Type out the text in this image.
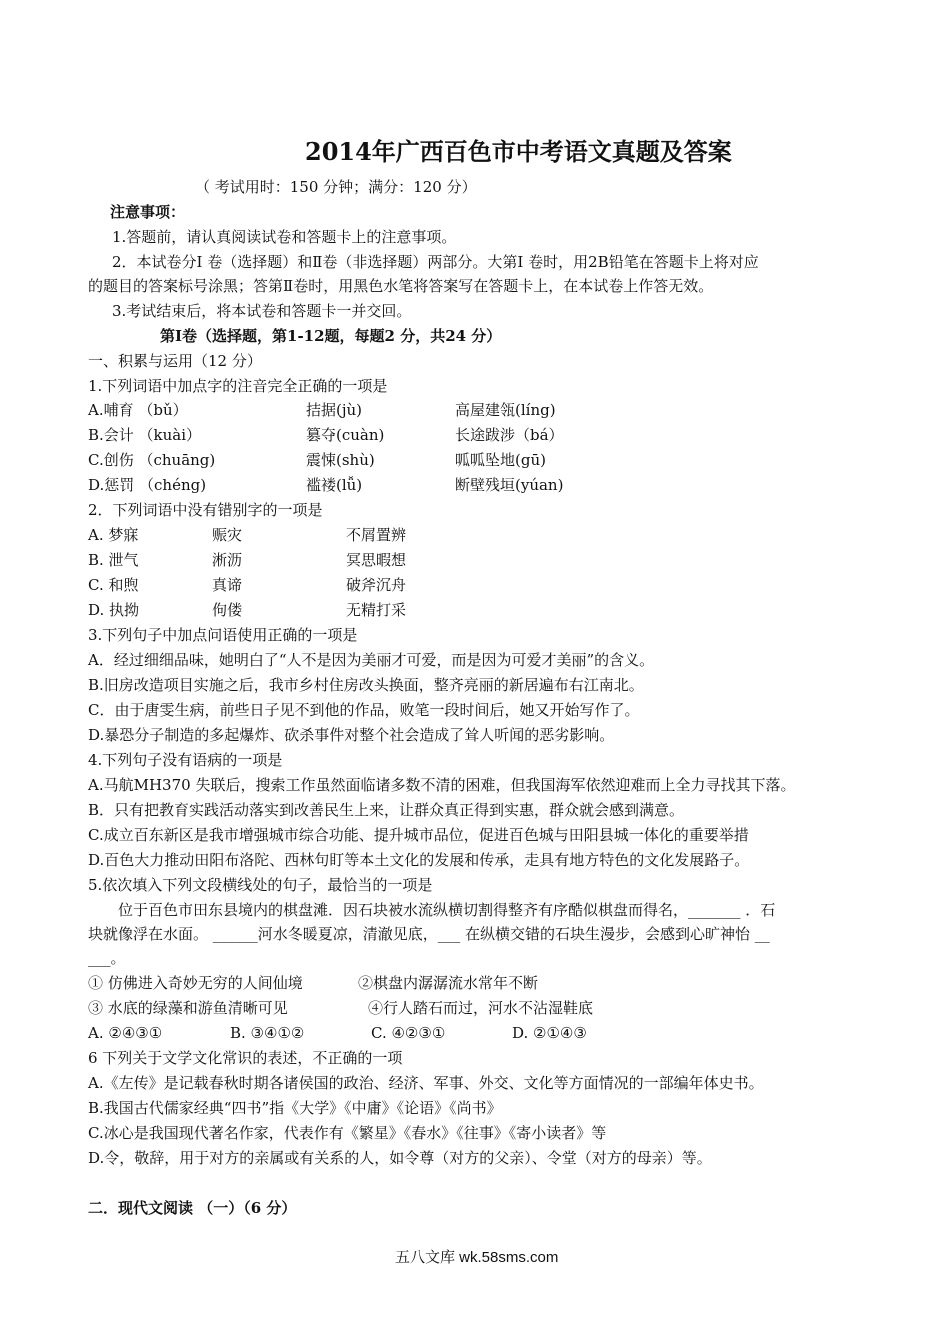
2014年广西百色市中考语文真题及答案
（ 考试用时：150 分钟；满分：120 分）
注意事项：
1.答题前，请认真阅读试卷和答题卡上的注意事项。
2．本试卷分Ⅰ 卷（选择题）和Ⅱ卷（非选择题）两部分。大第Ⅰ 卷时，用2B铅笔在答题卡上将对应
的题目的答案标号涂黑；答第Ⅱ卷时，用黑色水笔将答案写在答题卡上，在本试卷上作答无效。
3.考试结束后，将本试卷和答题卡一并交回。
第Ⅰ卷（选择题，第1-12题，每题2 分，共24 分）
一、积累与运用（12 分）
1.下列词语中加点字的注音完全正确的一项是
A.哺育 （bǔ）	拮据(jù)	高屋建瓴(líng)
B.会计 （kuài）	篡夺(cuàn)	长途跋涉（bá）
C.创伤 （chuāng)	震悚(shù)	呱呱坠地(gū)
D.惩罚 （chéng)	褴褛(lǚ)	断壁残垣(yúan)
2．下列词语中没有错别字的一项是
A. 梦寐	赈灾	不屑置辨
B. 泄气	淅沥	冥思暇想
C. 和煦	真谛	破斧沉舟
D. 执拗	佝偻	无精打采
3.下列句子中加点问语使用正确的一项是
A．经过细细品味，她明白了“人不是因为美丽才可爱，而是因为可爱才美丽”的含义。
B.旧房改造项目实施之后，我市乡村住房改头换面，整齐亮丽的新居遍布右江南北。
C．由于唐雯生病，前些日子见不到他的作品，败笔一段时间后，她又开始写作了。
D.暴恐分子制造的多起爆炸、砍杀事件对整个社会造成了耸人听闻的恶劣影响。
4.下列句子没有语病的一项是
A.马航MH370 失联后，搜索工作虽然面临诸多数不清的困难，但我国海军依然迎难而上全力寻找其下落。
B．只有把教育实践活动落实到改善民生上来，让群众真正得到实惠，群众就会感到满意。
C.成立百东新区是我市增强城市综合功能、提升城市品位，促进百色城与田阳县城一体化的重要举措
D.百色大力推动田阳布洛陀、西林句盯等本土文化的发展和传承，走具有地方特色的文化发展路子。
5.依次填入下列文段横线处的句子，最恰当的一项是
位于百色市田东县境内的棋盘滩．因石块被水流纵横切割得整齐有序酷似棋盘而得名，_______ ．石
块就像浮在水面。 ______河水冬暖夏凉，清澈见底，___ 在纵横交错的石块生漫步，会感到心旷神怡 __
___。
① 仿佛进入奇妙无穷的人间仙境	②棋盘内潺潺流水常年不断
③ 水底的绿藻和游鱼清晰可见	④行人踏石而过，河水不沾湿鞋底
A. ②④③①	B. ③④①②	C. ④②③①	D. ②①④③
6 下列关于文学文化常识的表述，不正确的一项
A.《左传》是记载春秋时期各诸侯国的政治、经济、军事、外交、文化等方面情况的一部编年体史书。
B.我国古代儒家经典“四书”指《大学》《中庸》《论语》《尚书》
C.冰心是我国现代著名作家，代表作有《繁星》《春水》《往事》《寄小读者》等
D.令，敬辞，用于对方的亲属或有关系的人，如令尊（对方的父亲）、令堂（对方的母亲）等。
二．现代文阅读 （一）（6 分）
五八文库 wk.58sms.com
